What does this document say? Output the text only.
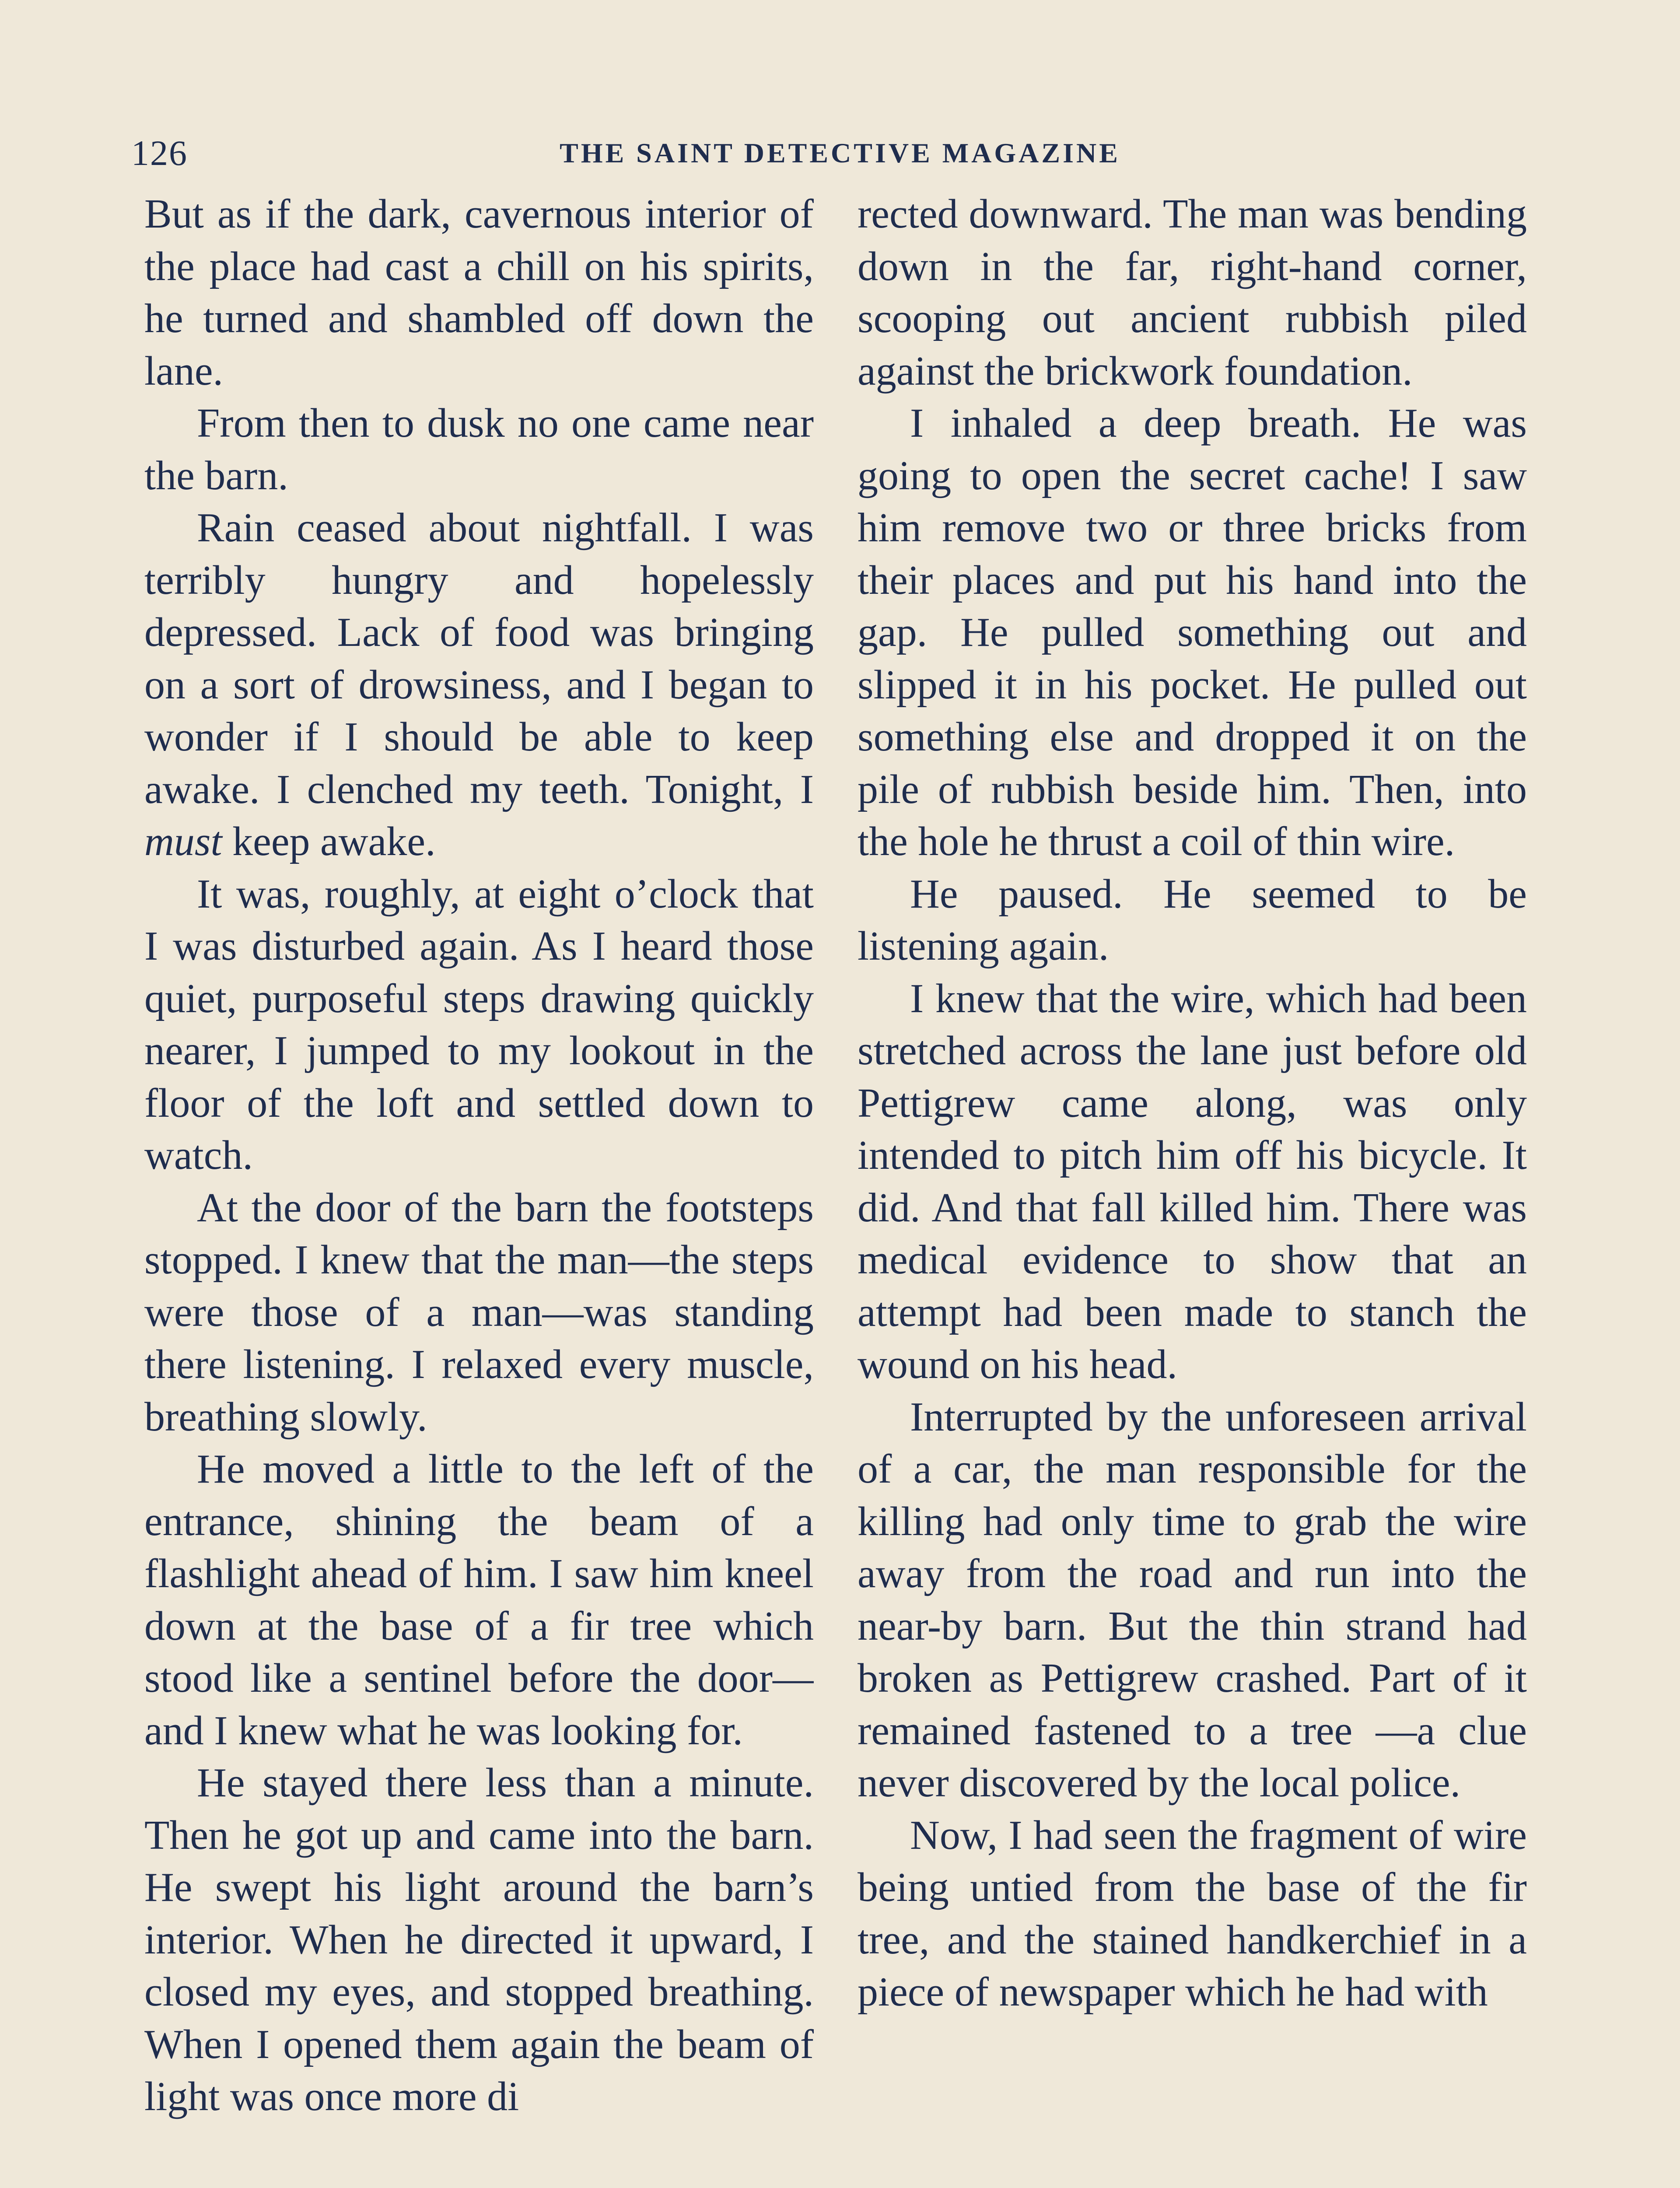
126	THE SAINT DETECTIVE MAGAZINE

But as if the dark, cavernous interior of the place had cast a chill on his spirits, he turned and shambled off down the lane.

From then to dusk no one came near the barn.

Rain ceased about nightfall. I was terribly hungry and hopelessly depressed. Lack of food was bringing on a sort of drowsiness, and I began to wonder if I should be able to keep awake. I clenched my teeth. Tonight, I must keep awake.

It was, roughly, at eight o’clock that I was disturbed again. As I heard those quiet, purposeful steps drawing quickly nearer, I jumped to my lookout in the floor of the loft and settled down to watch.

At the door of the barn the footsteps stopped. I knew that the man—the steps were those of a man—was standing there listening. I relaxed every muscle, breathing slowly.

He moved a little to the left of the entrance, shining the beam of a flashlight ahead of him. I saw him kneel down at the base of a fir tree which stood like a sentinel before the door—and I knew what he was looking for.

He stayed there less than a minute. Then he got up and came into the barn. He swept his light around the barn’s interior. When he directed it upward, I closed my eyes, and stopped breathing. When I opened them again the beam of light was once more di

rected downward. The man was bending down in the far, right-hand corner, scooping out ancient rubbish piled against the brickwork foundation.

I inhaled a deep breath. He was going to open the secret cache! I saw him remove two or three bricks from their places and put his hand into the gap. He pulled something out and slipped it in his pocket. He pulled out something else and dropped it on the pile of rubbish beside him. Then, into the hole he thrust a coil of thin wire.

He paused. He seemed to be listening again.

I knew that the wire, which had been stretched across the lane just before old Pettigrew came along, was only intended to pitch him off his bicycle. It did. And that fall killed him. There was medical evidence to show that an attempt had been made to stanch the wound on his head.

Interrupted by the unforeseen arrival of a car, the man responsible for the killing had only time to grab the wire away from the road and run into the near-by barn. But the thin strand had broken as Pettigrew crashed. Part of it remained fastened to a tree —a clue never discovered by the local police.

Now, I had seen the fragment of wire being untied from the base of the fir tree, and the stained handkerchief in a piece of newspaper which he had with
